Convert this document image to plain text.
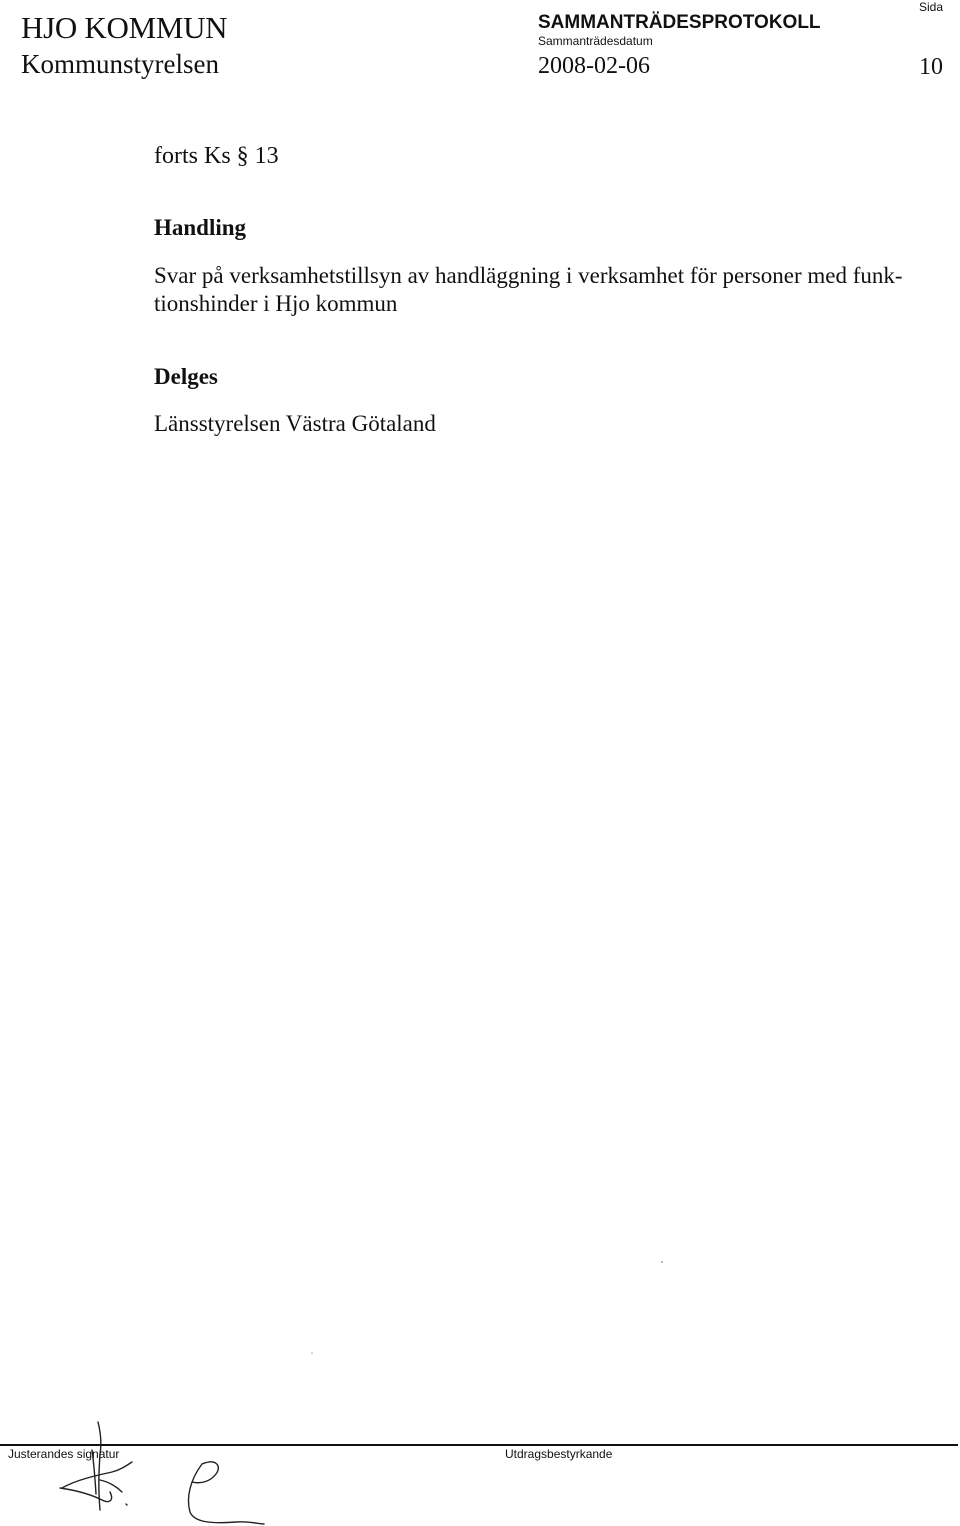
HJO KOMMUN
Kommunstyrelsen
SAMMANTRÄDESPROTOKOLL
Sammanträdesdatum
2008-02-06
Sida
10
forts Ks § 13
Handling
Svar på verksamhetstillsyn av handläggning i verksamhet för personer med funk-tionshinder i Hjo kommun
Delges
Länsstyrelsen Västra Götaland
Justerandes signatur	Utdragsbestyrkande
